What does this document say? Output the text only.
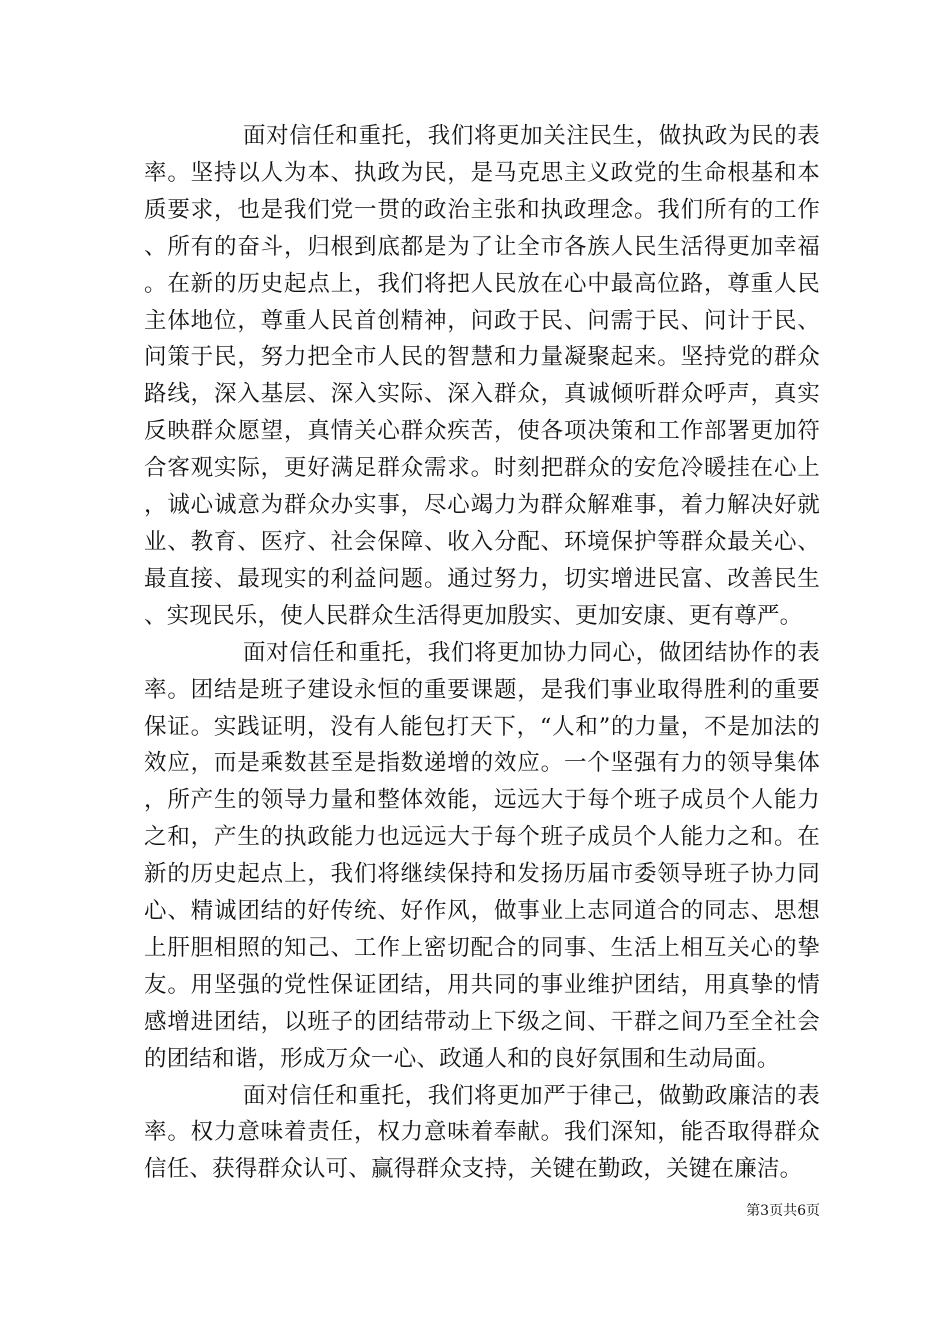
面对信任和重托，我们将更加关注民生，做执政为民的表率。坚持以人为本、执政为民，是马克思主义政党的生命根基和本质要求，也是我们党一贯的政治主张和执政理念。我们所有的工作、所有的奋斗，归根到底都是为了让全市各族人民生活得更加幸福。在新的历史起点上，我们将把人民放在心中最高位路，尊重人民主体地位，尊重人民首创精神，问政于民、问需于民、问计于民、问策于民，努力把全市人民的智慧和力量凝聚起来。坚持党的群众路线，深入基层、深入实际、深入群众，真诚倾听群众呼声，真实反映群众愿望，真情关心群众疾苦，使各项决策和工作部署更加符合客观实际，更好满足群众需求。时刻把群众的安危冷暖挂在心上，诚心诚意为群众办实事，尽心竭力为群众解难事，着力解决好就业、教育、医疗、社会保障、收入分配、环境保护等群众最关心、最直接、最现实的利益问题。通过努力，切实增进民富、改善民生、实现民乐，使人民群众生活得更加殷实、更加安康、更有尊严。

面对信任和重托，我们将更加协力同心，做团结协作的表率。团结是班子建设永恒的重要课题，是我们事业取得胜利的重要保证。实践证明，没有人能包打天下，“人和”的力量，不是加法的效应，而是乘数甚至是指数递增的效应。一个坚强有力的领导集体，所产生的领导力量和整体效能，远远大于每个班子成员个人能力之和，产生的执政能力也远远大于每个班子成员个人能力之和。在新的历史起点上，我们将继续保持和发扬历届市委领导班子协力同心、精诚团结的好传统、好作风，做事业上志同道合的同志、思想上肝胆相照的知己、工作上密切配合的同事、生活上相互关心的挚友。用坚强的党性保证团结，用共同的事业维护团结，用真挚的情感增进团结，以班子的团结带动上下级之间、干群之间乃至全社会的团结和谐，形成万众一心、政通人和的良好氛围和生动局面。

面对信任和重托，我们将更加严于律己，做勤政廉洁的表率。权力意味着责任，权力意味着奉献。我们深知，能否取得群众信任、获得群众认可、赢得群众支持，关键在勤政，关键在廉洁。

第3页共6页
